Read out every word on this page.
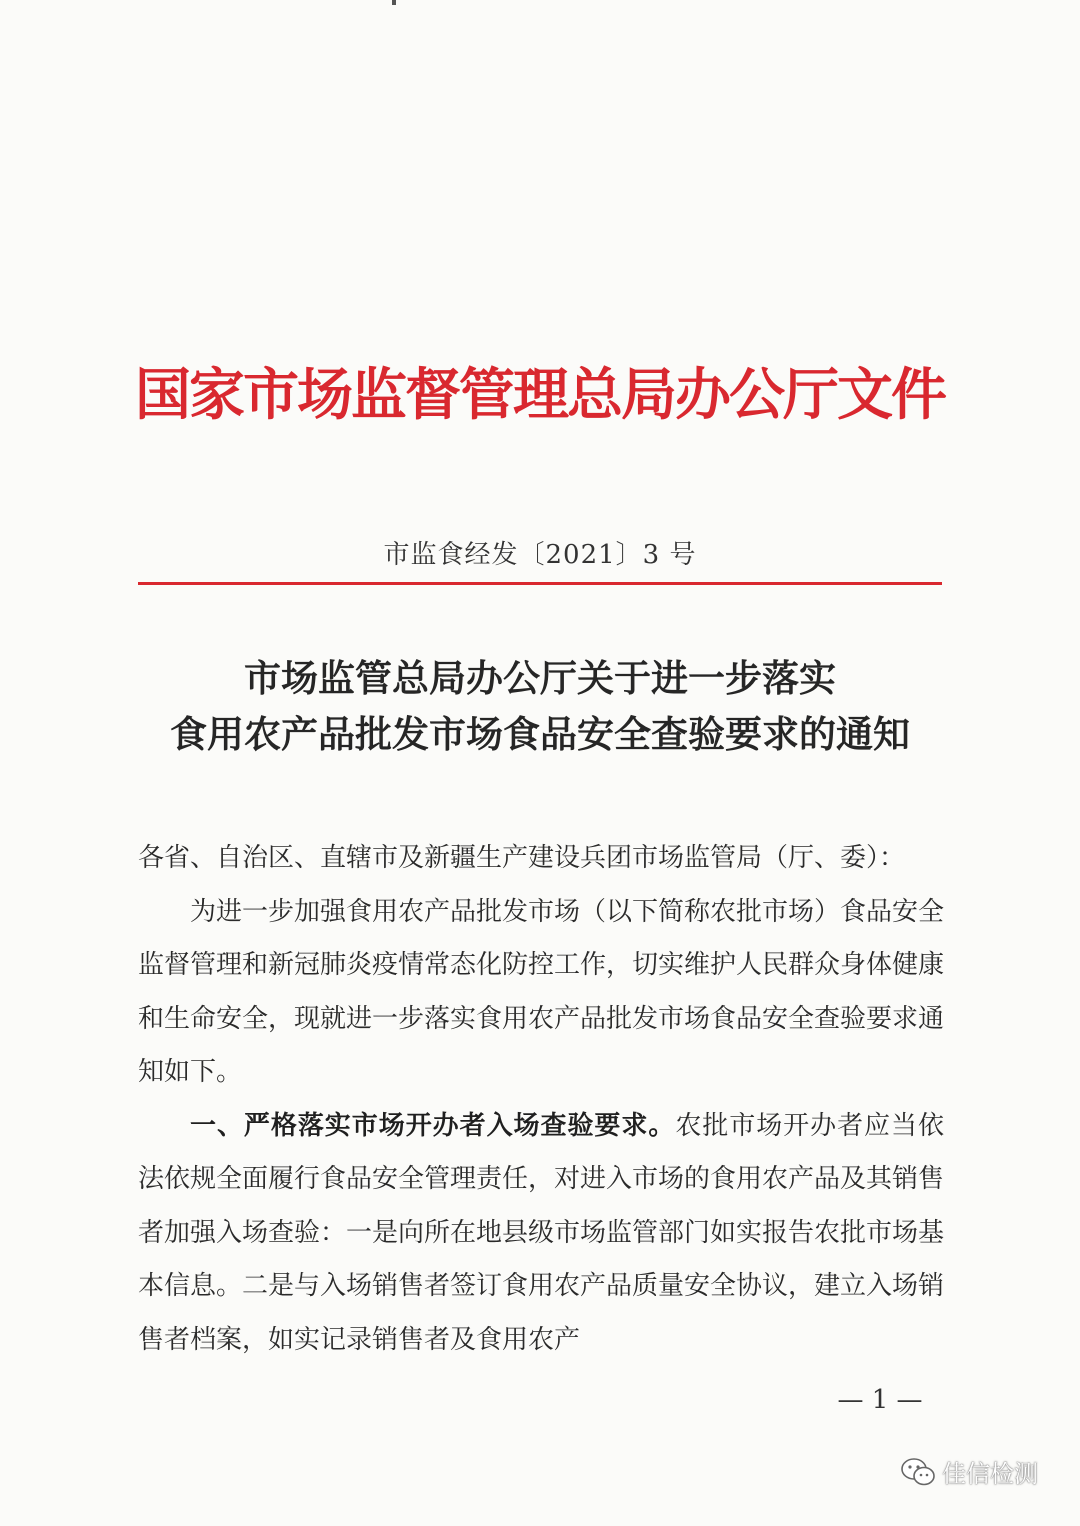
国家市场监督管理总局办公厅文件
市监食经发〔2021〕3 号
市场监管总局办公厅关于进一步落实
食用农产品批发市场食品安全查验要求的通知

各省、自治区、直辖市及新疆生产建设兵团市场监管局（厅、委）：

为进一步加强食用农产品批发市场（以下简称农批市场）食品安全监督管理和新冠肺炎疫情常态化防控工作，切实维护人民群众身体健康和生命安全，现就进一步落实食用农产品批发市场食品安全查验要求通知如下。

一、严格落实市场开办者入场查验要求。农批市场开办者应当依法依规全面履行食品安全管理责任，对进入市场的食用农产品及其销售者加强入场查验：一是向所在地县级市场监管部门如实报告农批市场基本信息。二是与入场销售者签订食用农产品质量安全协议，建立入场销售者档案，如实记录销售者及食用农产

— 1 —
佳信检测
